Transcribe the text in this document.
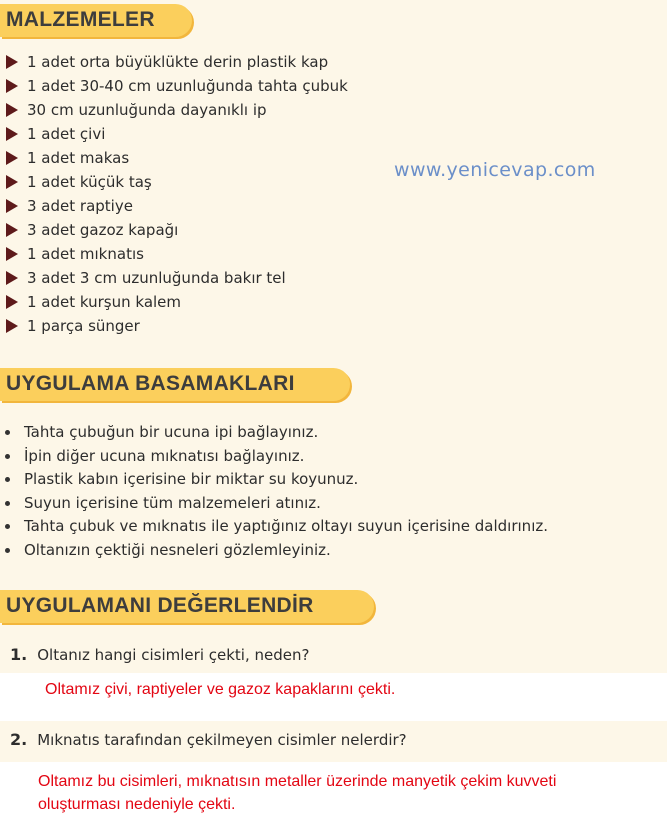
MALZEMELER
1 adet orta büyüklükte derin plastik kap
1 adet 30-40 cm uzunluğunda tahta çubuk
30 cm uzunluğunda dayanıklı ip
1 adet çivi
1 adet makas
1 adet küçük taş
3 adet raptiye
3 adet gazoz kapağı
1 adet mıknatıs
3 adet 3 cm uzunluğunda bakır tel
1 adet kurşun kalem
1 parça sünger
www.yenicevap.com
UYGULAMA BASAMAKLARI
Tahta çubuğun bir ucuna ipi bağlayınız.
İpin diğer ucuna mıknatısı bağlayınız.
Plastik kabın içerisine bir miktar su koyunuz.
Suyun içerisine tüm malzemeleri atınız.
Tahta çubuk ve mıknatıs ile yaptığınız oltayı suyun içerisine daldırınız.
Oltanızın çektiği nesneleri gözlemleyiniz.
UYGULAMANI DEĞERLENDİR
1. Oltanız hangi cisimleri çekti, neden?
Oltamız çivi, raptiyeler ve gazoz kapaklarını çekti.
2. Mıknatıs tarafından çekilmeyen cisimler nelerdir?
Oltamız bu cisimleri, mıknatısın metaller üzerinde manyetik çekim kuvveti oluşturması nedeniyle çekti.
